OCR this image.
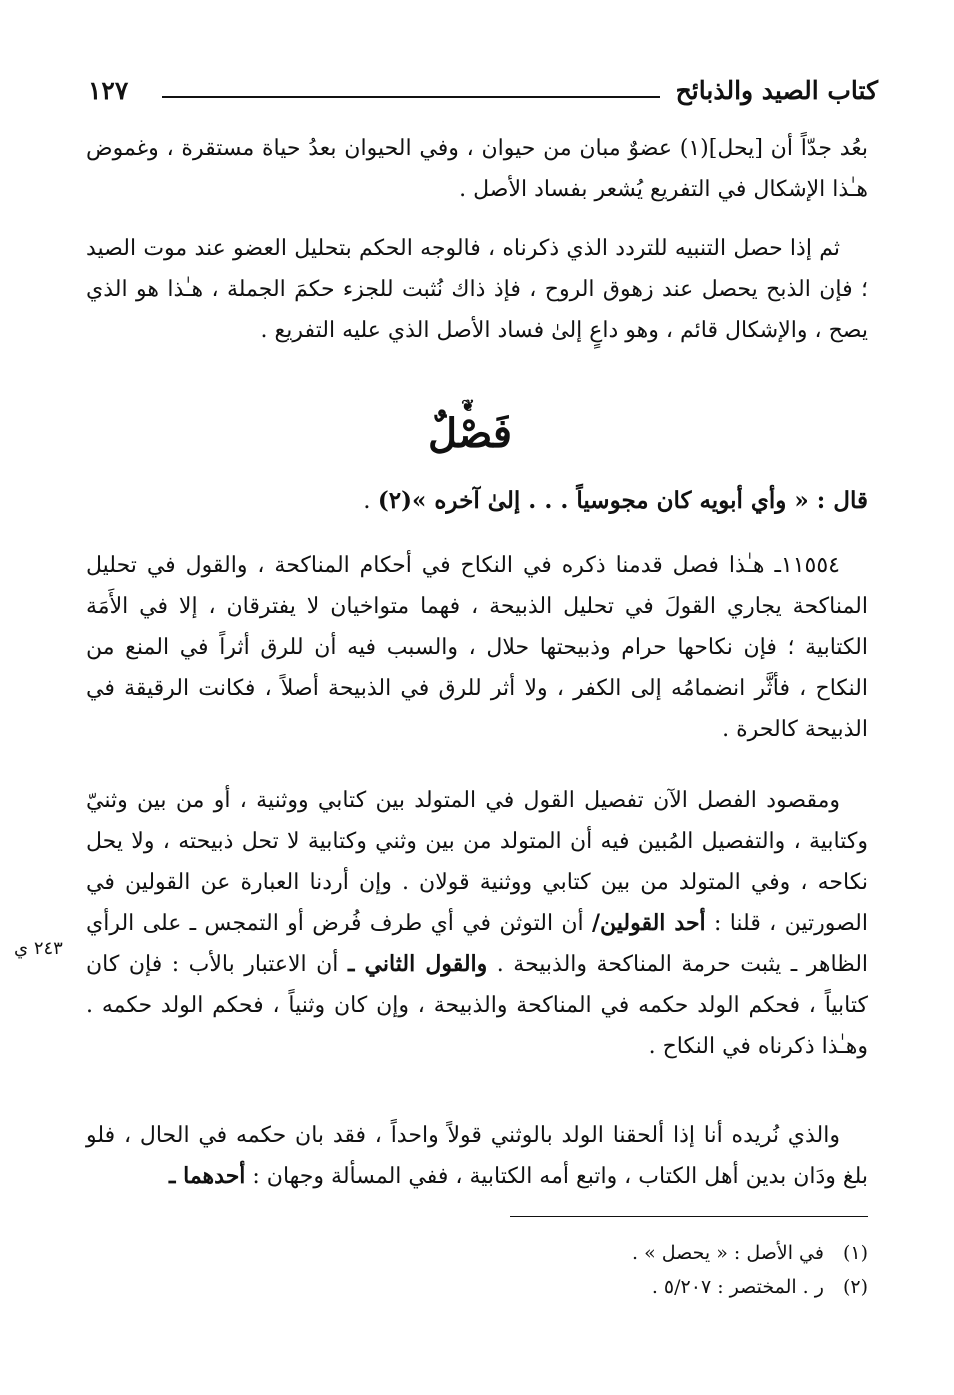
كتاب الصيد والذبائح
١٢٧

بعُد جدّاً أن [يحل](١) عضوٌ مبان من حيوان ، وفي الحيوان بعدُ حياة مستقرة ، وغموض هـٰذا الإشكال في التفريع يُشعر بفساد الأصل .

ثم إذا حصل التنبيه للتردد الذي ذكرناه ، فالوجه الحكم بتحليل العضو عند موت الصيد ؛ فإن الذبح يحصل عند زهوق الروح ، فإذ ذاك نُثبت للجزء حكمَ الجملة ، هـٰذا هو الذي يصح ، والإشكال قائم ، وهو داعٍ إلىٰ فساد الأصل الذي عليه التفريع .

❦
فَصْلٌ
قال : « وأي أبويه كان مجوسياً . . . إلىٰ آخره »(٢) .

١١٥٥٤ـ هـٰذا فصل قدمنا ذكره في النكاح في أحكام المناكحة ، والقول في تحليل المناكحة يجاري القولَ في تحليل الذبيحة ، فهما متواخيان لا يفترقان ، إلا في الأَمَة الكتابية ؛ فإن نكاحها حرام وذبيحتها حلال ، والسبب فيه أن للرق أثراً في المنع من النكاح ، فأثَّر انضمامُه إلى الكفر ، ولا أثر للرق في الذبيحة أصلاً ، فكانت الرقيقة في الذبيحة كالحرة .

ومقصود الفصل الآن تفصيل القول في المتولد بين كتابي ووثنية ، أو من بين وثنيّ وكتابية ، والتفصيل المُبين فيه أن المتولد من بين وثني وكتابية لا تحل ذبيحته ، ولا يحل نكاحه ، وفي المتولد من بين كتابي ووثنية قولان . وإن أردنا العبارة عن القولين في الصورتين ، قلنا : أحد القولين/ أن التوثن في أي طرف فُرض أو التمجس ـ على الرأي الظاهر ـ يثبت حرمة المناكحة والذبيحة . والقول الثاني ـ أن الاعتبار بالأب : فإن كان كتابياً ، فحكم الولد حكمه في المناكحة والذبيحة ، وإن كان وثنياً ، فحكم الولد حكمه . وهـٰذا ذكرناه في النكاح .

٢٤٣ ي

والذي نُريده أنا إذا ألحقنا الولد بالوثني قولاً واحداً ، فقد بان حكمه في الحال ، فلو بلغ ودَان بدين أهل الكتاب ، واتبع أمه الكتابية ، ففي المسألة وجهان : أحدهما ـ

(١) في الأصل : « يحصل » .
(٢) ر . المختصر : ٥/٢٠٧ .
